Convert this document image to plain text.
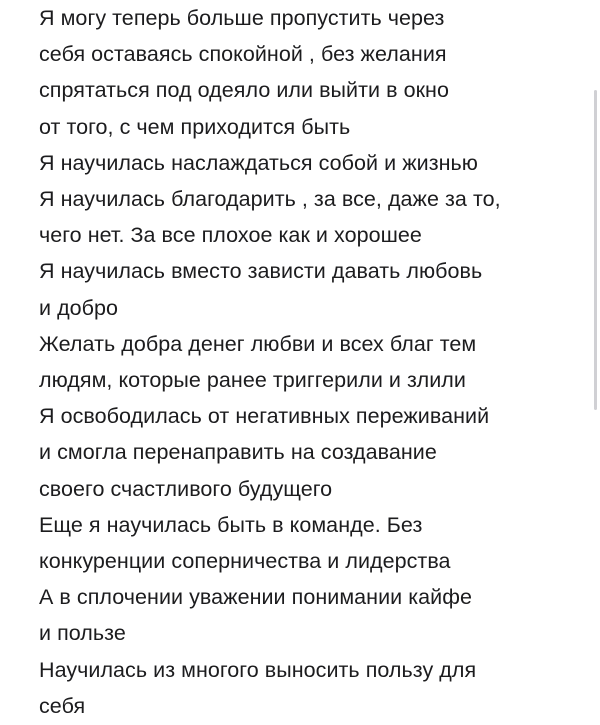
Я могу теперь больше пропустить через
себя оставаясь спокойной , без желания
спрятаться под одеяло или выйти в окно
от того, с чем приходится быть
Я научилась наслаждаться собой и жизнью
Я научилась благодарить , за все, даже за то,
чего нет. За все плохое как и хорошее
Я научилась вместо зависти давать любовь
и добро
Желать добра денег любви и всех благ тем
людям, которые ранее триггерили и злили
Я освободилась от негативных переживаний
и смогла перенаправить на создавание
своего счастливого будущего
Еще я научилась быть в команде. Без
конкуренции соперничества и лидерства
А в сплочении уважении понимании кайфе
и пользе
Научилась из многого выносить пользу для
себя
